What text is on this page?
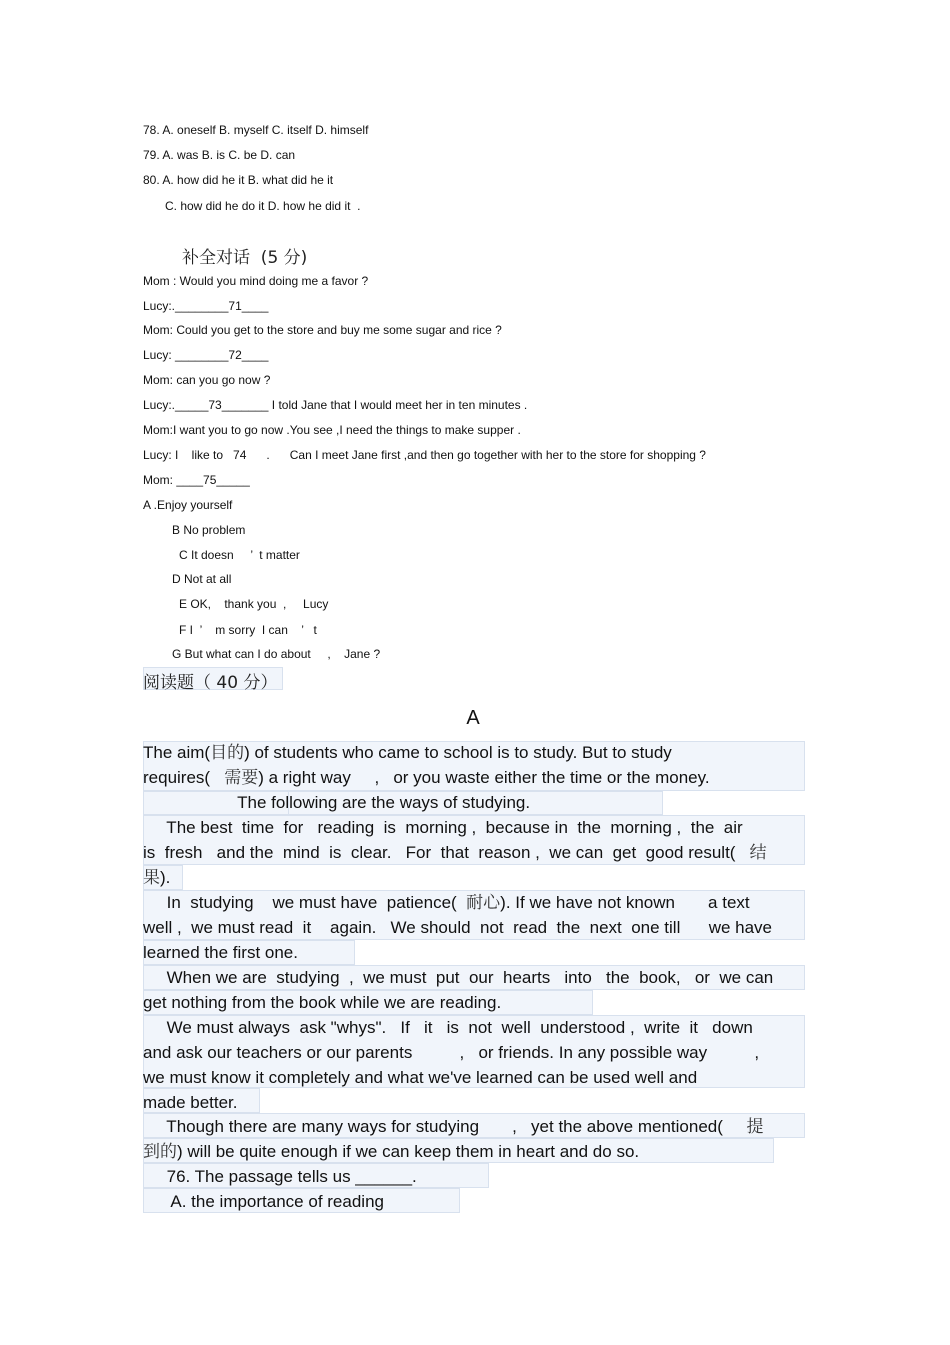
78. A. oneself B. myself C. itself D. himself
79. A. was B. is C. be D. can
80. A. how did he it B. what did he it
C. how did he do it D. how he did it  .
补全对话  (5 分)
Mom : Would you mind doing me a favor ?
Lucy:.________71____
Mom: Could you get to the store and buy me some sugar and rice ?
Lucy: ________72____
Mom: can you go now ?
Lucy:._____73_______ I told Jane that I would meet her in ten minutes .
Mom:I want you to go now .You see ,I need the things to make supper .
Lucy: I    like to   74      .      Can I meet Jane first ,and then go together with her to the store for shopping ?
Mom: ____75_____
A .Enjoy yourself
B No problem
C It doesn     ’  t matter
D Not at all
E OK,    thank you  ,     Lucy
F I  ’    m sorry  I can    ’   t
G But what can I do about     ,    Jane ?
阅读题（ 40 分）
A
The aim(目的) of students who came to school is to study. But to study
requires(   需要) a right way     ,   or you waste either the time or the money.
The following are the ways of studying.
The best  time  for   reading  is  morning ,  because in  the  morning ,  the  air
is  fresh   and the  mind  is  clear.   For  that  reason ,  we can  get  good result(   结
果).
In  studying    we must have  patience(  耐心). If we have not known       a text
well ,  we must read  it    again.   We should  not  read  the  next  one till      we have
learned the first one.
When we are  studying  ,  we must  put  our  hearts   into   the  book,   or  we can
get nothing from the book while we are reading.
We must always  ask "whys".   If   it   is  not  well  understood ,  write  it   down
and ask our teachers or our parents          ,   or friends. In any possible way          ,
we must know it completely and what we've learned can be used well and
made better.
Though there are many ways for studying       ,   yet the above mentioned(     提
到的) will be quite enough if we can keep them in heart and do so.
76. The passage tells us ______.
A. the importance of reading
